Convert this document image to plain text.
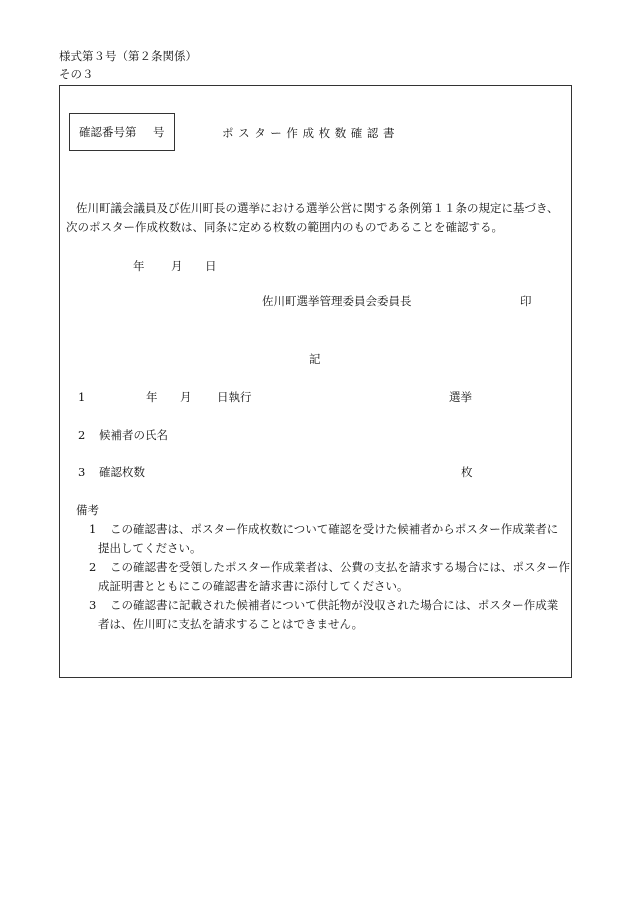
様式第３号（第２条関係）
その３
確認番号第 号	ポスター作成枚数確認書
佐川町議会議員及び佐川町長の選挙における選挙公営に関する条例第１１条の規定に基づき、
次のポスター作成枚数は、同条に定める枚数の範囲内のものであることを確認する。
年 月 日
佐川町選挙管理委員会委員長	印
記
1	年 月 日執行	選挙
2 候補者の氏名
3 確認枚数	枚
備考
1 この確認書は、ポスター作成枚数について確認を受けた候補者からポスター作成業者に
提出してください。
2 この確認書を受領したポスター作成業者は、公費の支払を請求する場合には、ポスター作
成証明書とともにこの確認書を請求書に添付してください。
3 この確認書に記載された候補者について供託物が没収された場合には、ポスター作成業
者は、佐川町に支払を請求することはできません。
